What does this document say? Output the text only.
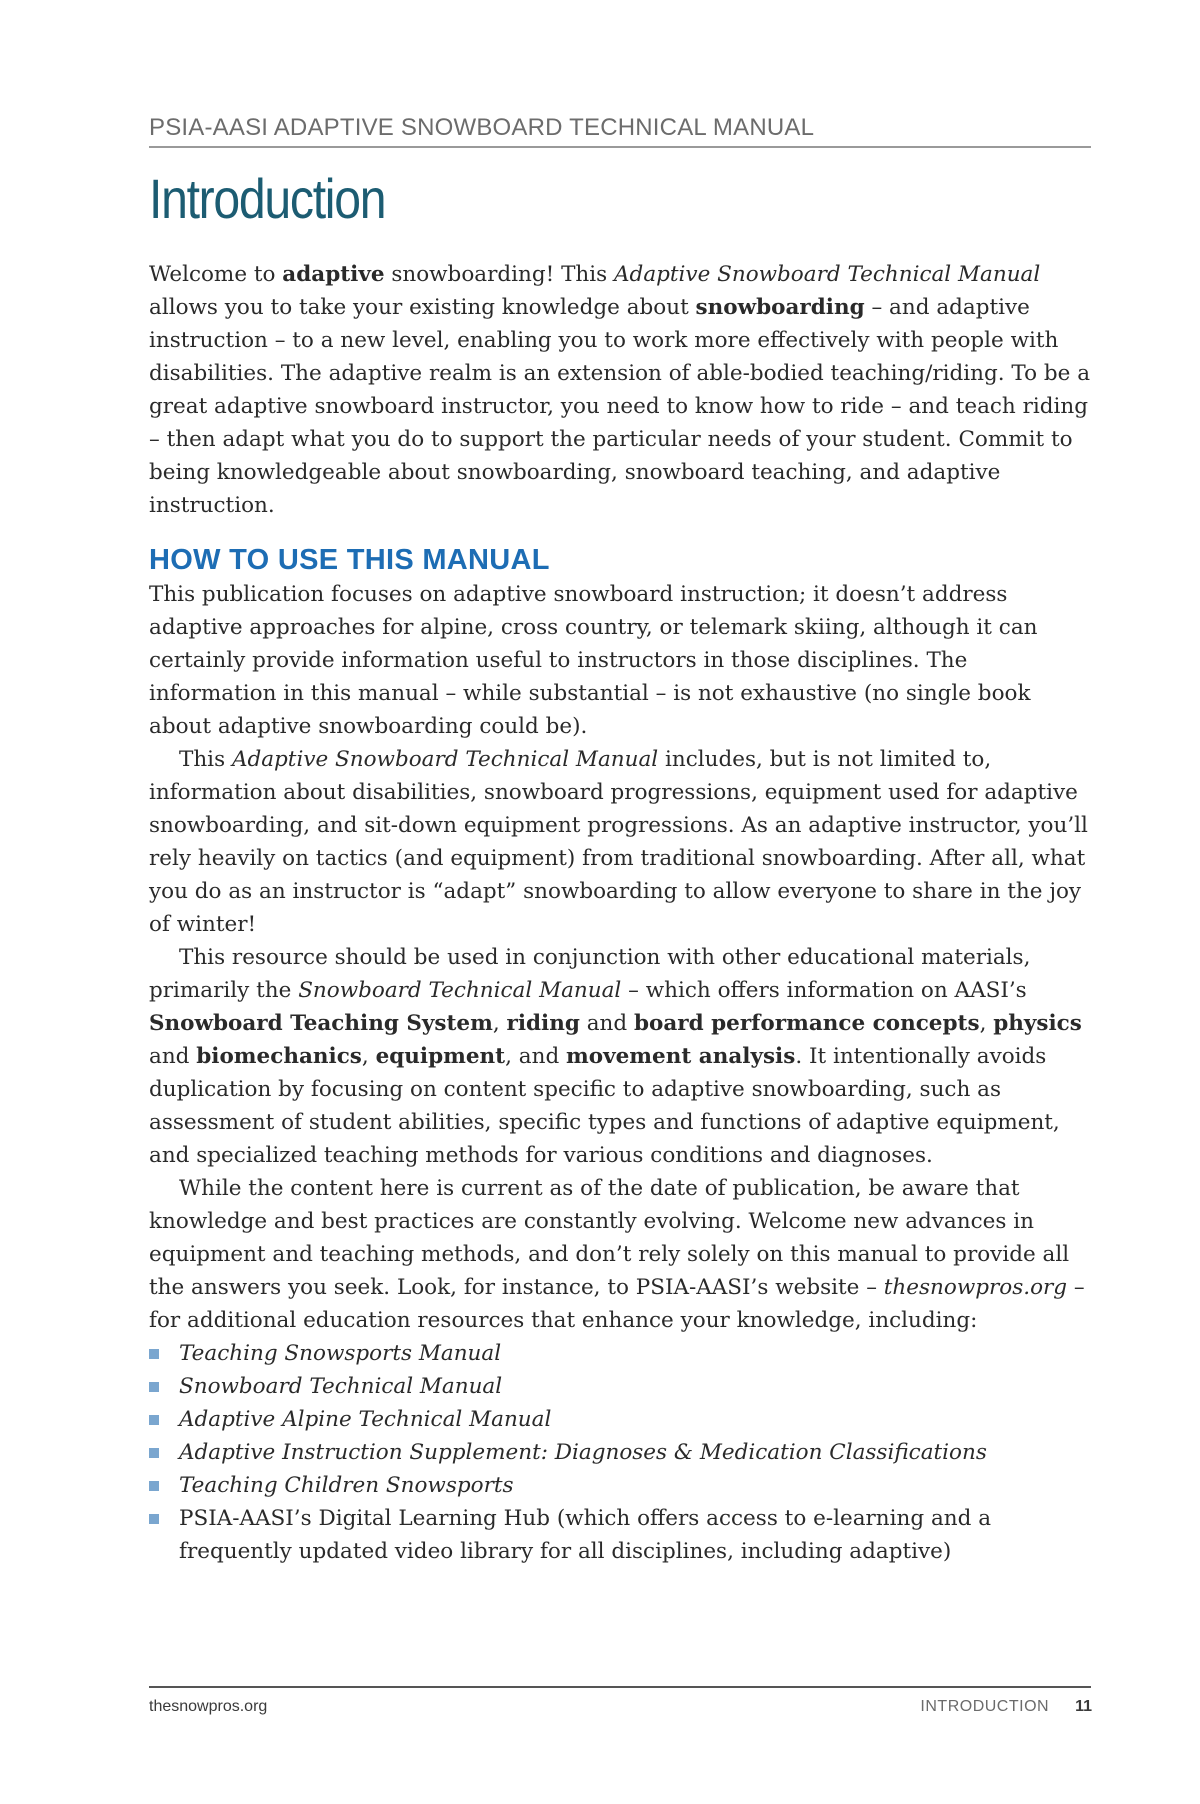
PSIA-AASI ADAPTIVE SNOWBOARD TECHNICAL MANUAL
Introduction

Welcome to adaptive snowboarding! This Adaptive Snowboard Technical Manual allows you to take your existing knowledge about snowboarding – and adaptive instruction – to a new level, enabling you to work more effectively with people with disabilities. The adaptive realm is an extension of able-bodied teaching/riding. To be a great adaptive snowboard instructor, you need to know how to ride – and teach riding – then adapt what you do to support the particular needs of your student. Commit to being knowledgeable about snowboarding, snowboard teaching, and adaptive instruction.

HOW TO USE THIS MANUAL

This publication focuses on adaptive snowboard instruction; it doesn’t address adaptive approaches for alpine, cross country, or telemark skiing, although it can certainly provide information useful to instructors in those disciplines. The information in this manual – while substantial – is not exhaustive (no single book about adaptive snowboarding could be).

This Adaptive Snowboard Technical Manual includes, but is not limited to, information about disabilities, snowboard progressions, equipment used for adaptive snowboarding, and sit-down equipment progressions. As an adaptive instructor, you’ll rely heavily on tactics (and equipment) from traditional snowboarding. After all, what you do as an instructor is “adapt” snowboarding to allow everyone to share in the joy of winter!

This resource should be used in conjunction with other educational materials, primarily the Snowboard Technical Manual – which offers information on AASI’s Snowboard Teaching System, riding and board performance concepts, physics and biomechanics, equipment, and movement analysis. It intentionally avoids duplication by focusing on content specific to adaptive snowboarding, such as assessment of student abilities, specific types and functions of adaptive equipment, and specialized teaching methods for various conditions and diagnoses.

While the content here is current as of the date of publication, be aware that knowledge and best practices are constantly evolving. Welcome new advances in equipment and teaching methods, and don’t rely solely on this manual to provide all the answers you seek. Look, for instance, to PSIA-AASI’s website – thesnowpros.org – for additional education resources that enhance your knowledge, including:

Teaching Snowsports Manual
Snowboard Technical Manual
Adaptive Alpine Technical Manual
Adaptive Instruction Supplement: Diagnoses & Medication Classifications
Teaching Children Snowsports
PSIA-AASI’s Digital Learning Hub (which offers access to e-learning and a frequently updated video library for all disciplines, including adaptive)
thesnowpros.org	INTRODUCTION 11
